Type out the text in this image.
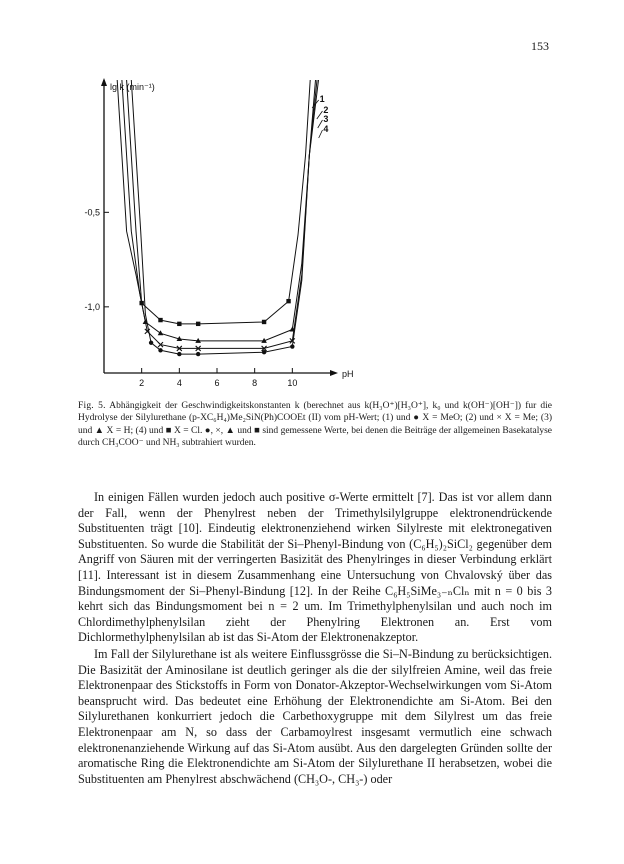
153
2	4	6	8	10
-0,5
-1,0
lg k (min⁻¹)
pH
1
2
3
4
Fig. 5. Abhängigkeit der Geschwindigkeitskonstanten k (berechnet aus k(H₃O⁺)[H₃O⁺], k₀ und k(OH⁻)[OH⁻]) fur die Hydrolyse der Silylurethane (p-XC₆H₄)Me₂SiN(Ph)COOEt (II) vom pH-Wert; (1) und ● X = MeO; (2) und × X = Me; (3) und ▲ X = H; (4) und ■ X = Cl. ●, ×, ▲ und ■ sind gemessene Werte, bei denen die Beiträge der allgemeinen Basekatalyse durch CH₃COO⁻ und NH₃ subtrahiert wurden.

In einigen Fällen wurden jedoch auch positive σ-Werte ermittelt [7]. Das ist vor allem dann der Fall, wenn der Phenylrest neben der Trimethylsilylgruppe elektronendrückende Substituenten trägt [10]. Eindeutig elektronenziehend wirken Silylreste mit elektronegativen Substituenten. So wurde die Stabilität der Si–Phenyl-Bindung von (C₆H₅)₂SiCl₂ gegenüber dem Angriff von Säuren mit der verringerten Basizität des Phenylringes in dieser Verbindung erklärt [11]. Interessant ist in diesem Zusammenhang eine Untersuchung von Chvalovský über das Bindungsmoment der Si–Phenyl-Bindung [12]. In der Reihe C₆H₅SiMe₃₋ₙClₙ mit n = 0 bis 3 kehrt sich das Bindungsmoment bei n = 2 um. Im Trimethylphenylsilan und auch noch im Chlordimethylphenylsilan zieht der Phenylring Elektronen an. Erst vom Dichlormethylphenylsilan ab ist das Si-Atom der Elektronenakzeptor.

Im Fall der Silylurethane ist als weitere Einflussgrösse die Si–N-Bindung zu berücksichtigen. Die Basizität der Aminosilane ist deutlich geringer als die der silylfreien Amine, weil das freie Elektronenpaar des Stickstoffs in Form von Donator-Akzeptor-Wechselwirkungen vom Si-Atom beansprucht wird. Das bedeutet eine Erhöhung der Elektronendichte am Si-Atom. Bei den Silylurethanen konkurriert jedoch die Carbethoxygruppe mit dem Silylrest um das freie Elektronenpaar am N, so dass der Carbamoylrest insgesamt vermutlich eine schwach elektronenanziehende Wirkung auf das Si-Atom ausübt. Aus den dargelegten Gründen sollte der aromatische Ring die Elektronendichte am Si-Atom der Silylurethane II herabsetzen, wobei die Substituenten am Phenylrest abschwächend (CH₃O-, CH₃-) oder
